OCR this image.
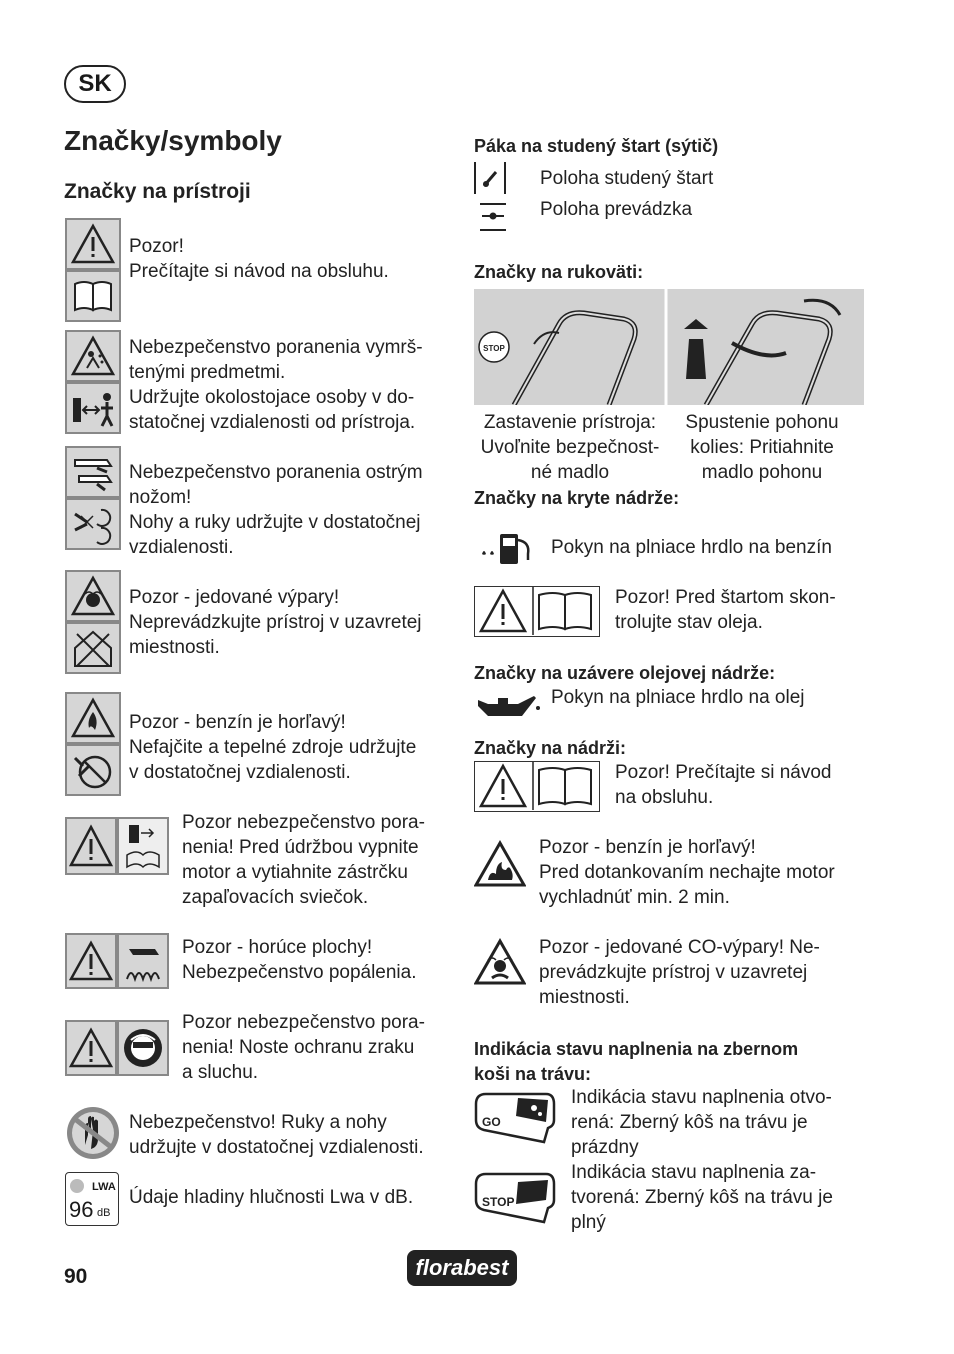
SK
Značky/symboly
Značky na prístroji
Pozor!
Prečítajte si návod na obsluhu.
Nebezpečenstvo poranenia vymrš-
tenými predmetmi.
Udržujte okolostojace osoby v do-
statočnej vzdialenosti od prístroja.
Nebezpečenstvo poranenia ostrým
nožom!
Nohy a ruky udržujte v dostatočnej
vzdialenosti.
Pozor - jedované výpary!
Neprevádzkujte prístroj v uzavretej
miestnosti.
Pozor - benzín je horľavý!
Nefajčite a tepelné zdroje udržujte
v dostatočnej vzdialenosti.
Pozor nebezpečenstvo pora-
nenia! Pred údržbou vypnite
motor a vytiahnite zástrčku
zapaľovacích sviečok.
Pozor - horúce plochy!
Nebezpečenstvo popálenia.
Pozor nebezpečenstvo pora-
nenia! Noste ochranu zraku
a sluchu.
Nebezpečenstvo! Ruky a nohy
udržujte v dostatočnej vzdialenosti.
LWA
96 dB
Údaje hladiny hlučnosti Lwa v dB.
Páka na studený štart (sýtič)
Poloha studený štart
Poloha prevádzka
Značky na rukoväti:
STOP
Zastavenie prístroja:
Uvoľnite bezpečnost-
né madlo
Spustenie pohonu
kolies: Pritiahnite
madlo pohonu
Značky na kryte nádrže:
Pokyn na plniace hrdlo na benzín
Pozor! Pred štartom skon-
trolujte stav oleja.
Značky na uzávere olejovej nádrže:
Pokyn na plniace hrdlo na olej
Značky na nádrži:
Pozor! Prečítajte si návod
na obsluhu.
Pozor - benzín je horľavý!
Pred dotankovaním nechajte motor
vychladnúť min. 2 min.
Pozor - jedované CO-výpary! Ne-
prevádzkujte prístroj v uzavretej
miestnosti.
Indikácia stavu naplnenia na zbernom
koši na trávu:
GO
Indikácia stavu naplnenia otvo-
rená: Zberný kôš na trávu je
prázdny
STOP
Indikácia stavu naplnenia za-
tvorená: Zberný kôš na trávu je
plný
90	florabest
